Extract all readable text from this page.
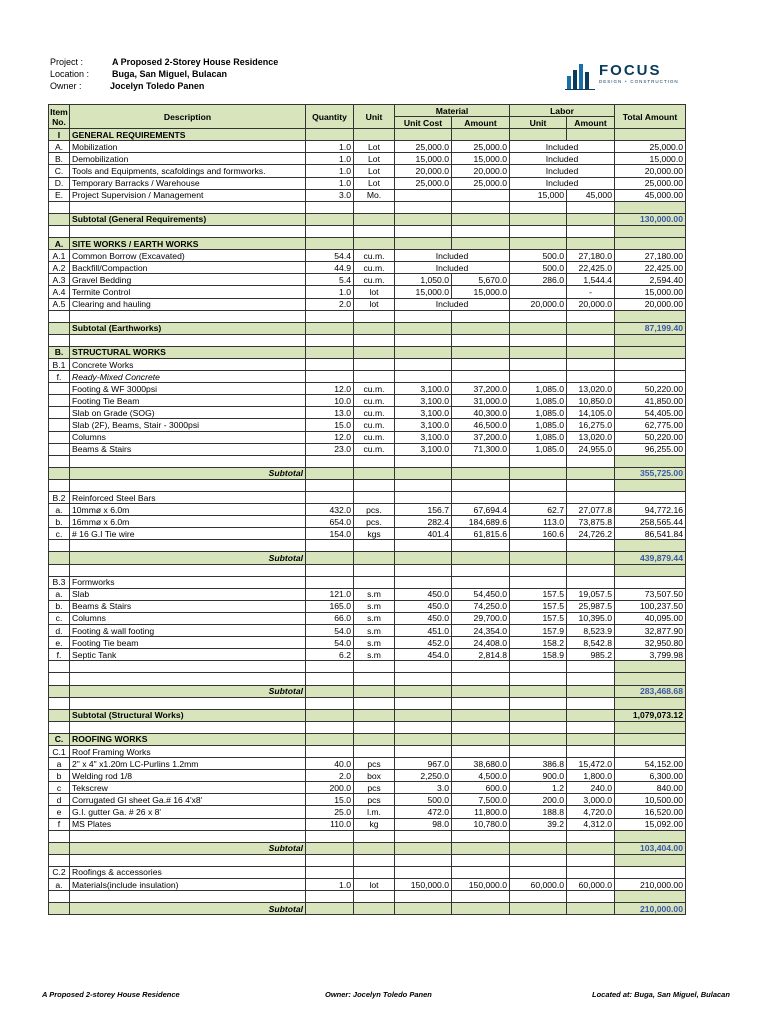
Project :	A Proposed 2-Storey House Residence
Location :	Buga, San Miguel, Bulacan
Owner :	Jocelyn Toledo Panen
FOCUS
DESIGN + CONSTRUCTION
Item No.	Description	Quantity	Unit	Material		Labor		Total Amount
				Unit Cost	Amount	Unit	Amount	
I	GENERAL REQUIREMENTS							
A.	Mobilization	1.0	Lot	25,000.0	25,000.0	Included		25,000.0
B.	Demobilization	1.0	Lot	15,000.0	15,000.0	Included		15,000.0
C.	Tools and Equipments, scafoldings and formworks.	1.0	Lot	20,000.0	20,000.0	Included		20,000.00
D.	Temporary Barracks / Warehouse	1.0	Lot	25,000.0	25,000.0	Included		25,000.00
E.	Project Supervision / Management	3.0	Mo.			15,000	45,000	45,000.00

	Subtotal (General Requirements)							130,000.00

A.	SITE WORKS / EARTH WORKS							
A.1	Common Borrow (Excavated)	54.4	cu.m.	Included		500.0	27,180.0	27,180.00
A.2	Backfill/Compaction	44.9	cu.m.	Included		500.0	22,425.0	22,425.00
A.3	Gravel Bedding	5.4	cu.m.	1,050.0	5,670.0	286.0	1,544.4	2,594.40
A.4	Termite Control	1.0	lot	15,000.0	15,000.0		-	15,000.00
A.5	Clearing and hauling	2.0	lot	Included		20,000.0	20,000.0	20,000.00

	Subtotal (Earthworks)							87,199.40

B.	STRUCTURAL WORKS							
B.1	Concrete Works							
f.	Ready-Mixed Concrete							
	Footing & WF 3000psi	12.0	cu.m.	3,100.0	37,200.0	1,085.0	13,020.0	50,220.00
	Footing Tie Beam	10.0	cu.m.	3,100.0	31,000.0	1,085.0	10,850.0	41,850.00
	Slab on Grade (SOG)	13.0	cu.m.	3,100.0	40,300.0	1,085.0	14,105.0	54,405.00
	Slab (2F), Beams, Stair - 3000psi	15.0	cu.m.	3,100.0	46,500.0	1,085.0	16,275.0	62,775.00
	Columns	12.0	cu.m.	3,100.0	37,200.0	1,085.0	13,020.0	50,220.00
	Beams & Stairs	23.0	cu.m.	3,100.0	71,300.0	1,085.0	24,955.0	96,255.00

	Subtotal							355,725.00

B.2	Reinforced Steel Bars							
a.	10mmø x 6.0m	432.0	pcs.	156.7	67,694.4	62.7	27,077.8	94,772.16
b.	16mmø x 6.0m	654.0	pcs.	282.4	184,689.6	113.0	73,875.8	258,565.44
c.	# 16 G.I Tie wire	154.0	kgs	401.4	61,815.6	160.6	24,726.2	86,541.84

	Subtotal							439,879.44

B.3	Formworks							
a.	Slab	121.0	s.m	450.0	54,450.0	157.5	19,057.5	73,507.50
b.	Beams & Stairs	165.0	s.m	450.0	74,250.0	157.5	25,987.5	100,237.50
c.	Columns	66.0	s.m	450.0	29,700.0	157.5	10,395.0	40,095.00
d.	Footing & wall footing	54.0	s.m	451.0	24,354.0	157.9	8,523.9	32,877.90
e.	Footing Tie beam	54.0	s.m	452.0	24,408.0	158.2	8,542.8	32,950.80
f.	Septic Tank	6.2	s.m	454.0	2,814.8	158.9	985.2	3,799.98

	Subtotal							283,468.68

	Subtotal (Structural Works)							1,079,073.12

C.	ROOFING WORKS							
C.1	Roof Framing Works							
a	2" x 4" x1.20m LC-Purlins 1.2mm	40.0	pcs	967.0	38,680.0	386.8	15,472.0	54,152.00
b	Welding rod 1/8	2.0	box	2,250.0	4,500.0	900.0	1,800.0	6,300.00
c	Tekscrew	200.0	pcs	3.0	600.0	1.2	240.0	840.00
d	Corrugated GI sheet Ga.# 16 4'x8'	15.0	pcs	500.0	7,500.0	200.0	3,000.0	10,500.00
e	G.I. gutter Ga. # 26 x 8'	25.0	l.m.	472.0	11,800.0	188.8	4,720.0	16,520.00
f	MS Plates	110.0	kg	98.0	10,780.0	39.2	4,312.0	15,092.00

	Subtotal							103,404.00

C.2	Roofings & accessories							
a.	Materials(include insulation)	1.0	lot	150,000.0	150,000.0	60,000.0	60,000.0	210,000.00

	Subtotal							210,000.00
A Proposed 2-storey House Residence	Owner: Jocelyn Toledo Panen	Located at: Buga, San Miguel, Bulacan
